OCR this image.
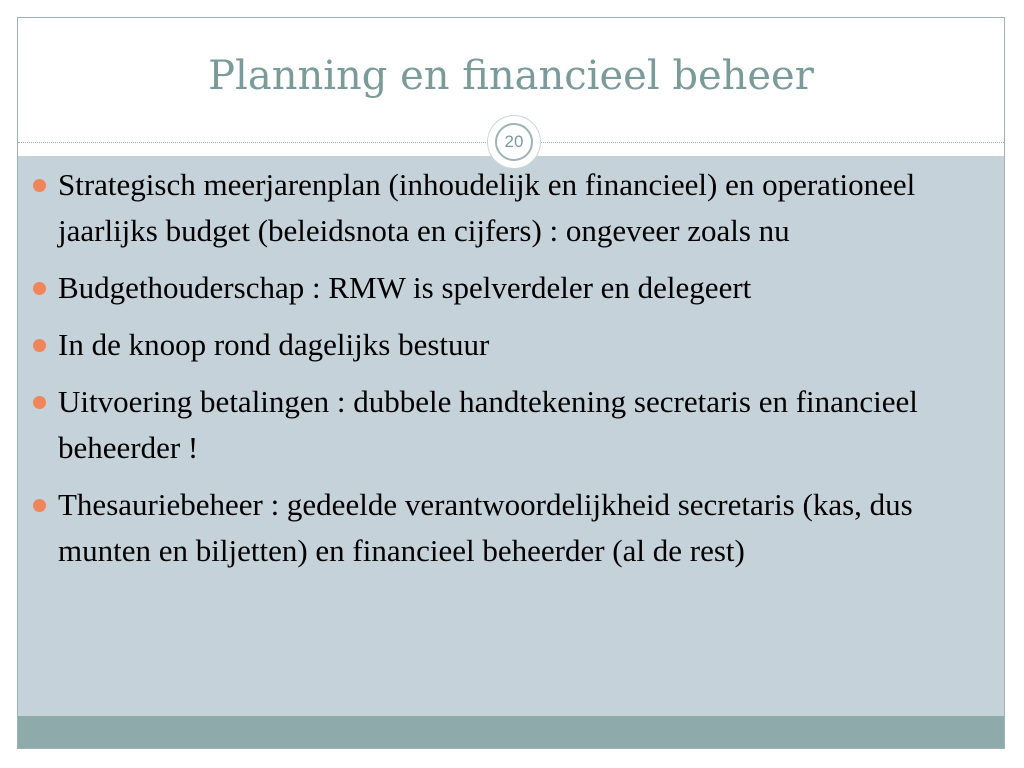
Planning en financieel beheer
20
Strategisch meerjarenplan (inhoudelijk en financieel) en operationeel jaarlijks budget (beleidsnota en cijfers) : ongeveer zoals nu
Budgethouderschap : RMW is spelverdeler en delegeert
In de knoop rond dagelijks bestuur
Uitvoering betalingen : dubbele handtekening secretaris en financieel beheerder !
Thesauriebeheer : gedeelde verantwoordelijkheid secretaris (kas, dus munten en biljetten) en financieel beheerder (al de rest)
